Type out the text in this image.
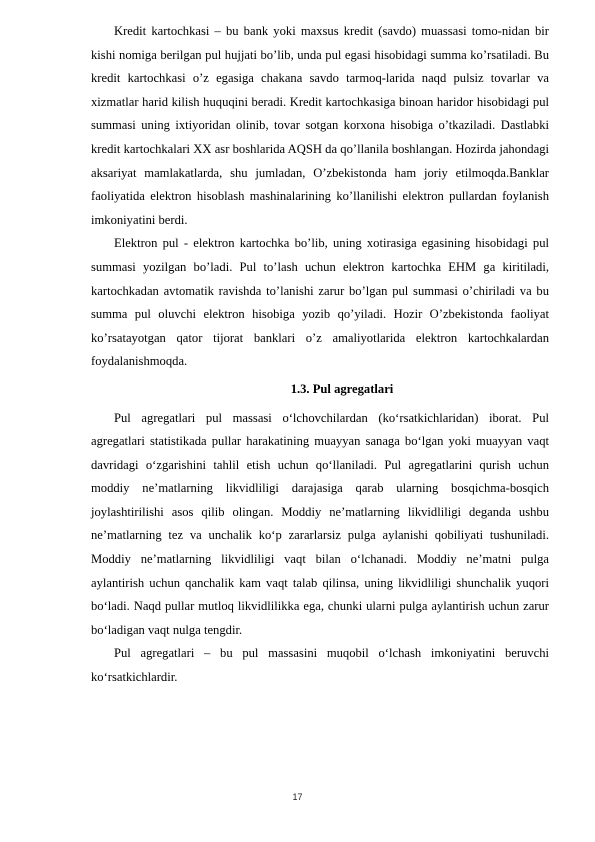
Kredit kartochkasi – bu bank yoki maxsus kredit (savdo) muassasi tomo-nidan bir kishi nomiga berilgan pul hujjati bo’lib, unda pul egasi hisobidagi summa ko’rsatiladi. Bu kredit kartochkasi o’z egasiga chakana savdo tarmoq-larida naqd pulsiz tovarlar va xizmatlar harid kilish huquqini beradi. Kredit kartochkasiga binoan haridor hisobidagi pul summasi uning ixtiyoridan olinib, tovar sotgan korxona hisobiga o’tkaziladi. Dastlabki kredit kartochkalari XX asr boshlarida AQSH da qo’llanila boshlangan. Hozirda jahondagi aksariyat mamlakatlarda, shu jumladan, O’zbekistonda ham joriy etilmoqda.Banklar faoliyatida elektron hisoblash mashinalarining ko’llanilishi elektron pullardan foylanish imkoniyatini berdi.

Elektron pul - elektron kartochka bo’lib, uning xotirasiga egasining hisobidagi pul summasi yozilgan bo’ladi. Pul to’lash uchun elektron kartochka EHM ga kiritiladi, kartochkadan avtomatik ravishda to’lanishi zarur bo’lgan pul summasi o’chiriladi va bu summa pul oluvchi elektron hisobiga yozib qo’yiladi. Hozir O’zbekistonda faoliyat ko’rsatayotgan qator tijorat banklari o’z amaliyotlarida elektron kartochkalardan foydalanishmoqda.

1.3. Pul agregatlari

Pul agregatlari pul massasi o‘lchovchilardan (ko‘rsatkichlaridan) iborat. Pul agregatlari statistikada pullar harakatining muayyan sanaga bo‘lgan yoki muayyan vaqt davridagi o‘zgarishini tahlil etish uchun qo‘llaniladi. Pul agregatlarini qurish uchun moddiy ne’matlarning likvidliligi darajasiga qarab ularning bosqichma-bosqich joylashtirilishi asos qilib olingan. Moddiy ne’matlarning likvidliligi deganda ushbu ne’matlarning tez va unchalik ko‘p zararlarsiz pulga aylanishi qobiliyati tushuniladi. Moddiy ne’matlarning likvidliligi vaqt bilan o‘lchanadi. Moddiy ne’matni pulga aylantirish uchun qanchalik kam vaqt talab qilinsa, uning likvidliligi shunchalik yuqori bo‘ladi. Naqd pullar mutloq likvidlilikka ega, chunki ularni pulga aylantirish uchun zarur bo‘ladigan vaqt nulga tengdir.

Pul agregatlari – bu pul massasini muqobil o‘lchash imkoniyatini beruvchi ko‘rsatkichlardir.

17
